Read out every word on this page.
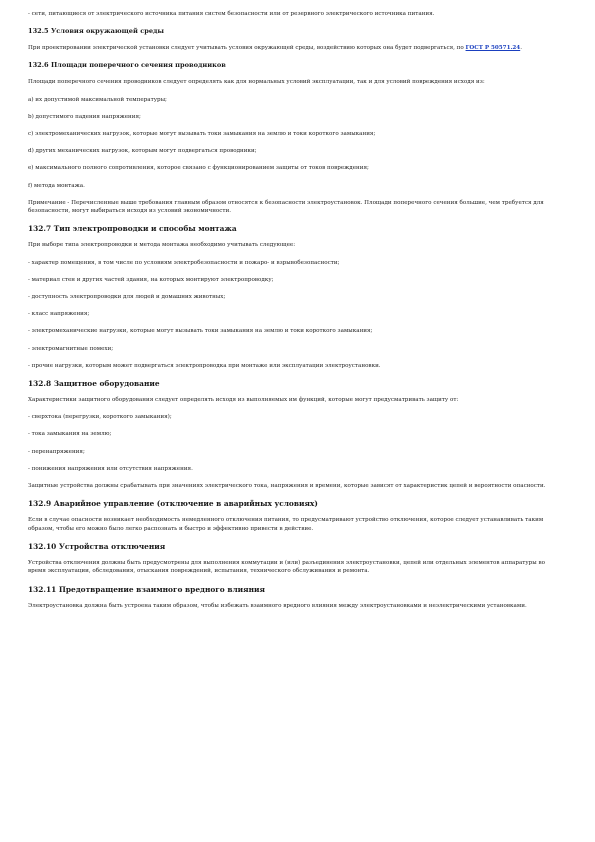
- сети, питающиеся от электрического источника питания систем безопасности или от резервного электрического источника питания.

132.5 Условия окружающей среды

При проектировании электрической установки следует учитывать условия окружающей среды, воздействию которых она будет подвергаться, по ГОСТ Р 50571.24.

132.6 Площади поперечного сечения проводников

Площади поперечного сечения проводников следует определять как для нормальных условий эксплуатации, так и для условий повреждения исходя из:

a) их допустимой максимальной температуры;

b) допустимого падения напряжения;

c) электромеханических нагрузок, которые могут вызывать токи замыкания на землю и токи короткого замыкания;

d) других механических нагрузок, которым могут подвергаться проводники;

e) максимального полного сопротивления, которое связано с функционированием защиты от токов повреждения;

f) метода монтажа.

Примечание - Перечисленные выше требования главным образом относятся к безопасности электроустановок. Площади поперечного сечения большие, чем требуется для безопасности, могут выбираться исходя из условий экономичности.

132.7 Тип электропроводки и способы монтажа

При выборе типа электропроводки и метода монтажа необходимо учитывать следующее:

- характер помещения, в том числе по условиям электробезопасности и пожаро- и взрывобезопасности;

- материал стен и других частей здания, на которых монтируют электропроводку;

- доступность электропроводки для людей и домашних животных;

- класс напряжения;

- электромеханические нагрузки, которые могут вызывать токи замыкания на землю и токи короткого замыкания;

- электромагнитные помехи;

- прочие нагрузки, которым может подвергаться электропроводка при монтаже или эксплуатации электроустановки.

132.8 Защитное оборудование

Характеристики защитного оборудования следует определять исходя из выполняемых им функций, которые могут предусматривать защиту от:

- сверхтока (перегрузки, короткого замыкания);

- тока замыкания на землю;

- перенапряжения;

- понижения напряжения или отсутствия напряжения.

Защитные устройства должны срабатывать при значениях электрического тока, напряжения и времени, которые зависят от характеристик цепей и вероятности опасности.

132.9 Аварийное управление (отключение в аварийных условиях)

Если в случае опасности возникает необходимость немедленного отключения питания, то предусматривают устройство отключения, которое следует устанавливать таким образом, чтобы его можно было легко распознать и быстро и эффективно привести в действие.

132.10 Устройства отключения

Устройства отключения должны быть предусмотрены для выполнения коммутации и (или) разъединения электроустановки, цепей или отдельных элементов аппаратуры во время эксплуатации, обследования, отыскания повреждений, испытания, технического обслуживания и ремонта.

132.11 Предотвращение взаимного вредного влияния

Электроустановка должна быть устроена таким образом, чтобы избежать взаимного вредного влияния между электроустановками и неэлектрическими установками.
